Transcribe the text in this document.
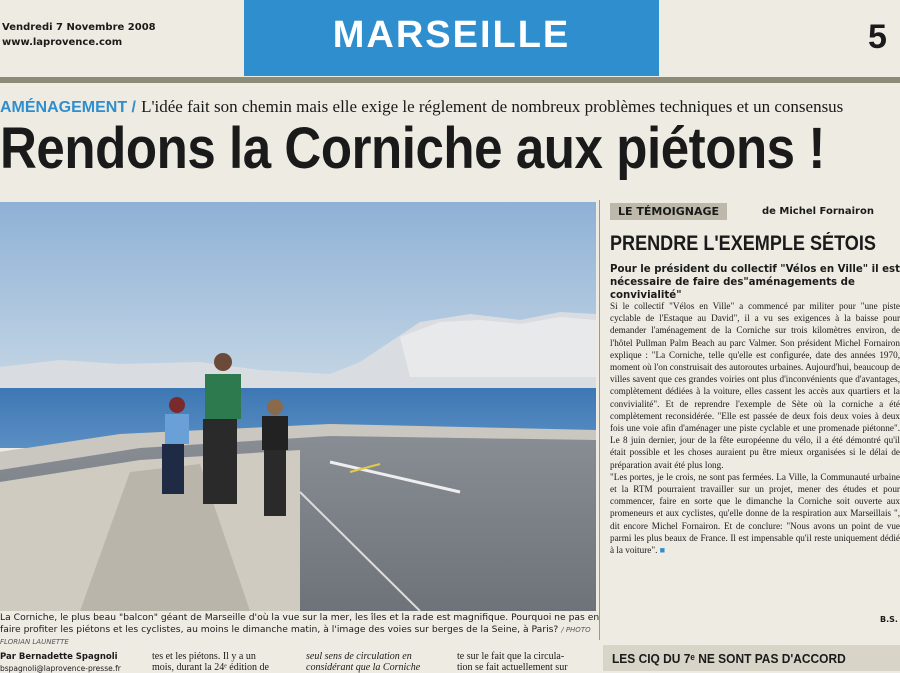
Vendredi 7 Novembre 2008
www.laprovence.com	MARSEILLE	5
AMÉNAGEMENT / L'idée fait son chemin mais elle exige le réglement de nombreux problèmes techniques et un consensus
Rendons la Corniche aux piétons !
La Corniche, le plus beau "balcon" géant de Marseille d'où la vue sur la mer, les îles et la rade est magnifique. Pourquoi ne pas en faire profiter les piétons et les cyclistes, au moins le dimanche matin, à l'image des voies sur berges de la Seine, à Paris? / PHOTO FLORIAN LAUNETTE
LE TÉMOIGNAGE	de Michel Fornairon
PRENDRE L'EXEMPLE SÉTOIS
Pour le président du collectif "Vélos en Ville" il est nécessaire de faire des"aménagements de convivialité"
Si le collectif "Vélos en Ville" a commencé par militer pour "une piste cyclable de l'Estaque au David", il a vu ses exigences à la baisse pour demander l'aménagement de la Corniche sur trois kilomètres environ, de l'hôtel Pullman Palm Beach au parc Valmer. Son président Michel Fornairon explique : "La Corniche, telle qu'elle est configurée, date des années 1970, moment où l'on construisait des autoroutes urbaines. Aujourd'hui, beaucoup de villes savent que ces grandes voiries ont plus d'inconvénients que d'avantages, complètement dédiées à la voiture, elles cassent les accès aux quartiers et la convivialité". Et de reprendre l'exemple de Sète où la corniche a été complètement reconsidérée. "Elle est passée de deux fois deux voies à deux fois une voie afin d'aménager une piste cyclable et une promenade piétonne". Le 8 juin dernier, jour de la fête européenne du vélo, il a été démontré qu'il était possible et les choses auraient pu être mieux organisées si le délai de préparation avait été plus long.
"Les portes, je le crois, ne sont pas fermées. La Ville, la Communauté urbaine et la RTM pourraient travailler sur un projet, mener des études et pour commencer, faire en sorte que le dimanche la Corniche soit ouverte aux promeneurs et aux cyclistes, qu'elle donne de la respiration aux Marseillais ", dit encore Michel Fornairon. Et de conclure: "Nous avons un point de vue parmi les plus beaux de France. Il est impensable qu'il reste uniquement dédié à la voiture". ■
B.S.
Par Bernadette Spagnoli
bspagnoli@laprovence-presse.fr
tes et les piétons. Il y a un
mois, durant la 24ᵉ édition de
seul sens de circulation en
considérant que la Corniche
te sur le fait que la circula-
tion se fait actuellement sur
LES CIQ DU 7ᵉ NE SONT PAS D'ACCORD
